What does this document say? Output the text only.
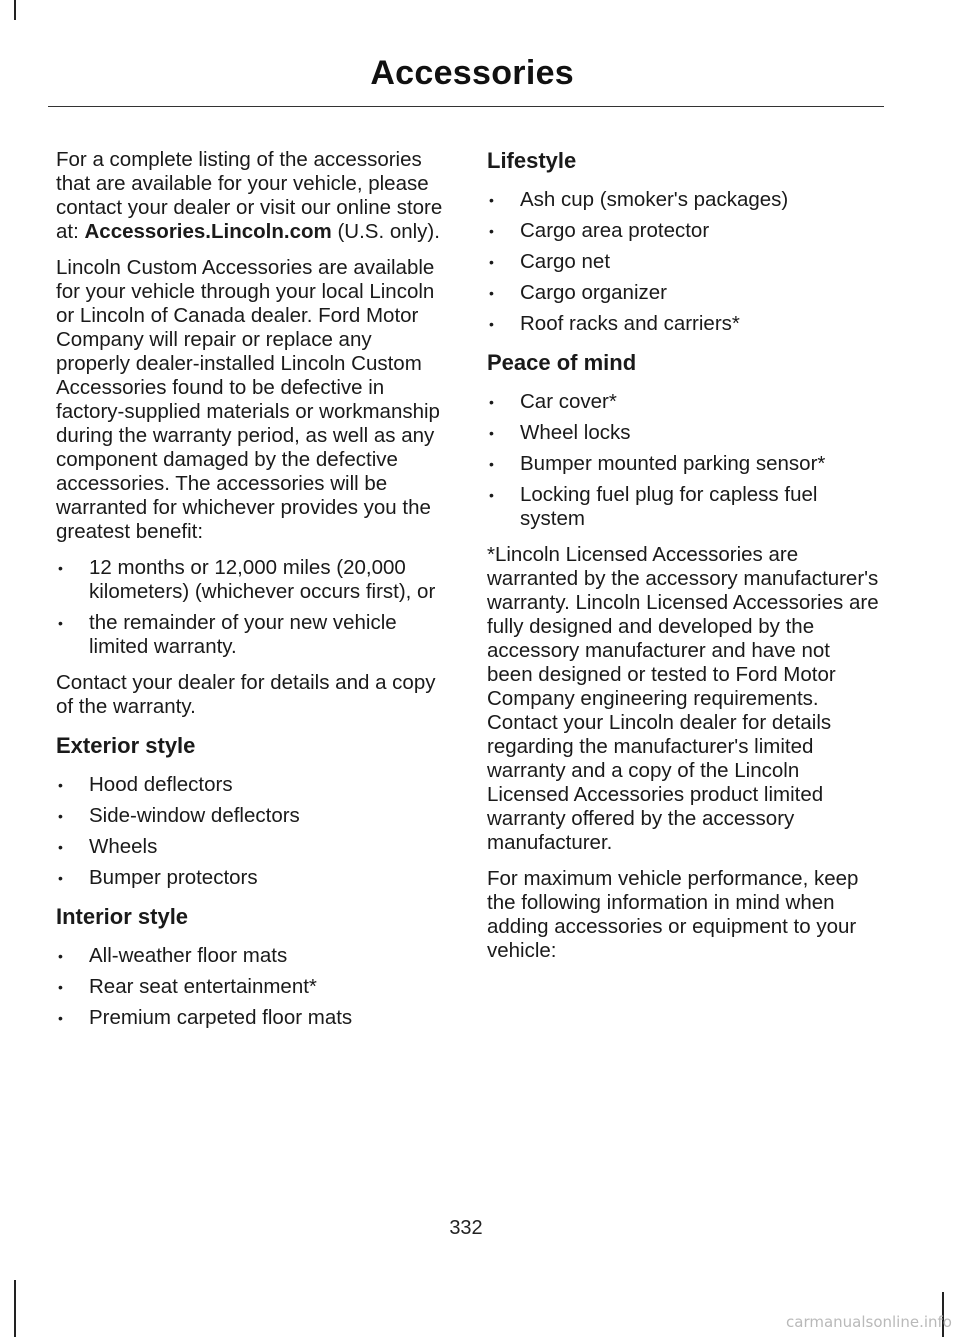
Accessories

For a complete listing of the accessories that are available for your vehicle, please contact your dealer or visit our online store at: Accessories.Lincoln.com (U.S. only).

Lincoln Custom Accessories are available for your vehicle through your local Lincoln or Lincoln of Canada dealer. Ford Motor Company will repair or replace any properly dealer-installed Lincoln Custom Accessories found to be defective in factory-supplied materials or workmanship during the warranty period, as well as any component damaged by the defective accessories. The accessories will be warranted for whichever provides you the greatest benefit:

• 12 months or 12,000 miles (20,000 kilometers) (whichever occurs first), or
• the remainder of your new vehicle limited warranty.

Contact your dealer for details and a copy of the warranty.

Exterior style
• Hood deflectors
• Side-window deflectors
• Wheels
• Bumper protectors
Interior style
• All-weather floor mats
• Rear seat entertainment*
• Premium carpeted floor mats
Lifestyle
• Ash cup (smoker's packages)
• Cargo area protector
• Cargo net
• Cargo organizer
• Roof racks and carriers*
Peace of mind
• Car cover*
• Wheel locks
• Bumper mounted parking sensor*
• Locking fuel plug for capless fuel system

*Lincoln Licensed Accessories are warranted by the accessory manufacturer's warranty. Lincoln Licensed Accessories are fully designed and developed by the accessory manufacturer and have not been designed or tested to Ford Motor Company engineering requirements. Contact your Lincoln dealer for details regarding the manufacturer's limited warranty and a copy of the Lincoln Licensed Accessories product limited warranty offered by the accessory manufacturer.

For maximum vehicle performance, keep the following information in mind when adding accessories or equipment to your vehicle:

332
carmanualsonline.info
